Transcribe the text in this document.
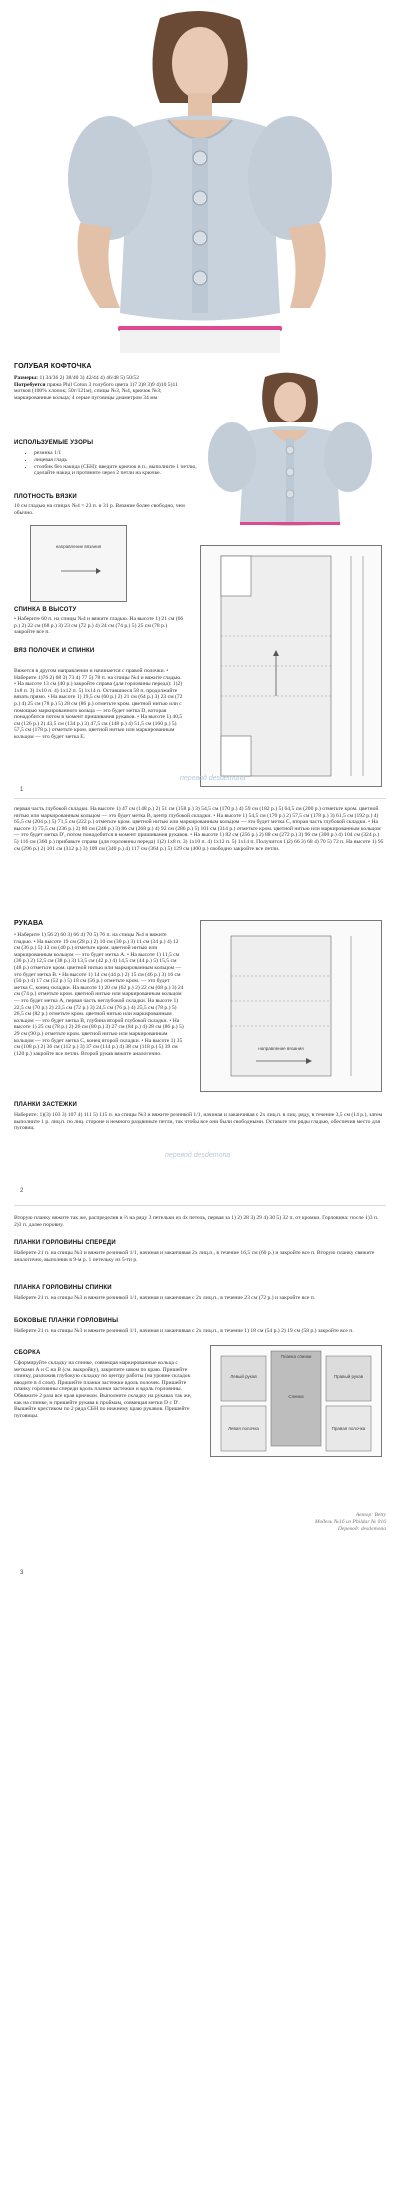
ГОЛУБАЯ КОФТОЧКА
Размеры: 1) 34/36 2) 38/40 3) 42/44 4) 46/48 5) 50/52
Потребуется пряжа Phil Coton 3 голубого цвета 1)7 2)8 3)9 4)10 5)11 мотков (100% хлопок; 50г/121м), спицы №3, №4, крючок №3; маркированные кольца; 4 серые пуговицы диаметром 34 мм
ИСПОЛЬЗУЕМЫЕ УЗОРЫ
• резинка 1/1
• лицевая гладь
• столбик без накида (СБН): введите крючок в п., выполните 1 петлю, сделайте накид и протяните через 2 петли на крючке.
ПЛОТНОСТЬ ВЯЗКИ
10 см гладью на спицах №4 = 23 п. и 31 р. Вязание более свободно, чем обычно.
направление вязания
СПИНКА В ВЫСОТУ
• Наберите 60 п. на спицы №4 и вяжите гладью. На высоте 1) 21 см (66 р.) 2) 22 см (68 р.) 3) 23 см (72 р.) 4) 24 см (74 р.) 5) 25 см (78 р.) закройте все п.
ВЯЗ ПОЛОЧЕК И СПИНКИ
Вяжется в другом направлении и начинается с правой полочки. • Наберите 1)76 2) 68 3) 73 4) 77 5) 78 п. на спицы №4 и вяжите гладью. • На высоте 13 см (40 р.) закройте справа (для горловины переда): 1)2) 1х8 п. 3) 1х10 п. 4) 1х12 п. 5) 1х14 п. Оставшиеся 58 п. продолжайте вязать прямо. • На высоте 1) 19,5 см (60 р.) 2) 21 см (64 р.) 3) 23 см (72 р.) 4) 25 см (78 р.) 5) 28 см (86 р.) отметьте кром. цветной нитью или с помощью маркированного кольца — это будет метка D, которая понадобится потом в момент пришивания рукавов. • На высоте 1) 40,5 см (126 р.) 2) 43,5 см (134 р.) 3) 47,5 см (148 р.) 4) 51,5 см (160 р.) 5) 57,5 см (178 р.) отметьте кром. цветной нитью или маркированным кольцом — это будет метка Е.
1
перевод desdemona
первая часть глубокой складки. На высоте 1) 47 см (148 р.) 2) 51 см (158 р.) 3) 54,5 см (170 р.) 4) 59 см (182 р.) 5) 64,5 см (200 р.) отметьте кром. цветной нитью или маркированным кольцом — это будет метка В, центр глубокой складки. • На высоте 1) 54,5 см (170 р.) 2) 57,5 см (178 р.) 3) 61,5 см (192 р.) 4) 65,5 см (204 р.) 5) 71,5 см (222 р.) отметьте кром. цветной нитью или маркированным кольцом — это будет метка С, вторая часть глубокой складки. • На высоте 1) 75,5 см (236 р.) 2) 80 см (248 р.) 3) 86 см (268 р.) 4) 92 см (286 р.) 5) 101 см (314 р.) отметьте кром. цветной нитью или маркированным кольцом — это будет метка D', потом понадобится в момент пришивания рукавов. • На высоте 1) 82 см (256 р.) 2) 88 см (272 р.) 3) 96 см (300 р.) 4) 104 см (324 р.) 5) 116 см (360 р.) прибавьте справа (для горловины переда) 1)2) 1х8 п. 3) 1х10 п. 4) 1х12 п. 5) 1х14 п. Получится 1)2) 66 3) 68 4) 70 5) 72 п. На высоте 1) 95 см (296 р.) 2) 101 см (312 р.) 3) 109 см (340 р.) 4) 117 см (364 р.) 5) 129 см (400 р.) свободно закройте все петли.
РУКАВА
• Наберите 1) 56 2) 60 3) 66 4) 70 5) 76 п. на спицы №4 и вяжите гладью. • На высоте 19 см (28 р.) 2) 10 см (30 р.) 3) 11 см (34 р.) 4) 12 см (36 р.) 5) 13 см (40 р.) отметьте кром. цветной нитью или маркированным кольцом — это будет метка А. • На высоте 1) 11,5 см (36 р.) 2) 12,5 см (38 р.) 3) 13,5 см (42 р.) 4) 14,5 см (44 р.) 5) 15,5 см (48 р.) отметьте кром. цветной нитью или маркированным кольцом — это будет метка В. • На высоте 1) 14 см (44 р.) 2) 15 см (46 р.) 3) 16 см (50 р.) 4) 17 см (52 р.) 5) 18 см (56 р.) отметьте кром. — это будет метка С, конец складки. На высоте 1) 20 см (62 р.) 2) 22 см (68 р.) 3) 24 см (74 р.) отметьте кром. цветной нитью или маркированным кольцом — это будет метка А, первая часть неглубокой складки. На высоте 1) 22,5 см (70 р.) 2) 23,5 см (72 р.) 3) 24,5 см (76 р.) 4) 25,5 см (78 р.) 5) 26,5 см (82 р.) отметьте кром. цветной нитью или маркированным кольцом — это будет метка В, глубина второй глубокой складки. • На высоте 1) 25 см (78 р.) 2) 26 см (80 р.) 3) 27 см (84 р.) 4) 28 см (86 р.) 5) 29 см (90 р.) отметьте кром. цветной нитью или маркированным кольцом — это будет метка С, конец второй складки. • На высоте 1) 35 см (108 р.) 2) 36 см (112 р.) 3) 37 см (114 р.) 4) 38 см (118 р.) 5) 39 см (120 р.) закройте все петли. Второй рукав вяжите аналогично.
направление вязания
ПЛАНКИ ЗАСТЕЖКИ
Наберите: 1)(3) 103 3) 107 4) 111 5) 115 п. на спицы №3 и вяжите резинкой 1/1, начиная и заканчивая с 2х лиц.п. в лиц. ряду, в течение 3,5 см (14 р.), затем выполните 1 р. лиц.п. по лиц. стороне и немного раздвиньте петли, так чтобы все они были свободными. Оставьте эти ряды гладью, обеспечив место для пуговиц.
перевод desdemona
2
Вторую планку вяжите так же, распределив в ⅔ на ряду 3 петельки из 4х петель, первая за 1) 2) 28 3) 29 4) 30 5) 32 п. от кромки. Горловина: после 1)3 п. 2)3 п. далее поровну.
ПЛАНКИ ГОРЛОВИНЫ СПЕРЕДИ
Наберите 21 п. на спицы №3 и вяжите резинкой 1/1, начиная и заканчивая 2х лиц.п., в течение 16,5 см (60 р.) и закройте все п. Вторую планку свяжите аналогично, выполнив в 9-м р. 1 петельку из 5-ти р.
ПЛАНКА ГОРЛОВИНЫ СПИНКИ
Наберите 21 п. на спицы №3 и вяжите резинкой 1/1, начиная и заканчивая с 2х лиц.п., в течение 23 см (72 р.) и закройте все п.
БОКОВЫЕ ПЛАНКИ ГОРЛОВИНЫ
Наберите 21 п. на спицы №3 и вяжите резинкой 1/1, начиная и заканчивая с 2х лиц.п., в течение 1) 18 см (54 р.) 2) 19 см (58 р.) закройте все п.
СБОРКА
Сформируйте складку на спинке, совмещая маркированные кольца с метками А и С на В (см. выкройку), закрепите швом по краю. Пришейте спинку, разложив глубокую складку по центру работы (на уровне складок вводите в 4 слоя). Пришейте планки застежки вдоль полочек. Пришейте планку горловины спереди вдоль планки застежки и вдоль горловины. Обвяжите 2 раза все края крючком. Выполните складку на рукавах так же, как на спинке, и пришейте рукава к проймам, совмещая метки D с D'. Вышейте крестиком по 2 ряда СБН по нижнему краю рукавов. Пришейте пуговицы.
Планка спинки
Спинка
Левый рукав	Правый рукав
Левая полочка	Правая полочка
Автор: Betty
Модель №16 из Phildar № 016
Перевод: desdemona
3
